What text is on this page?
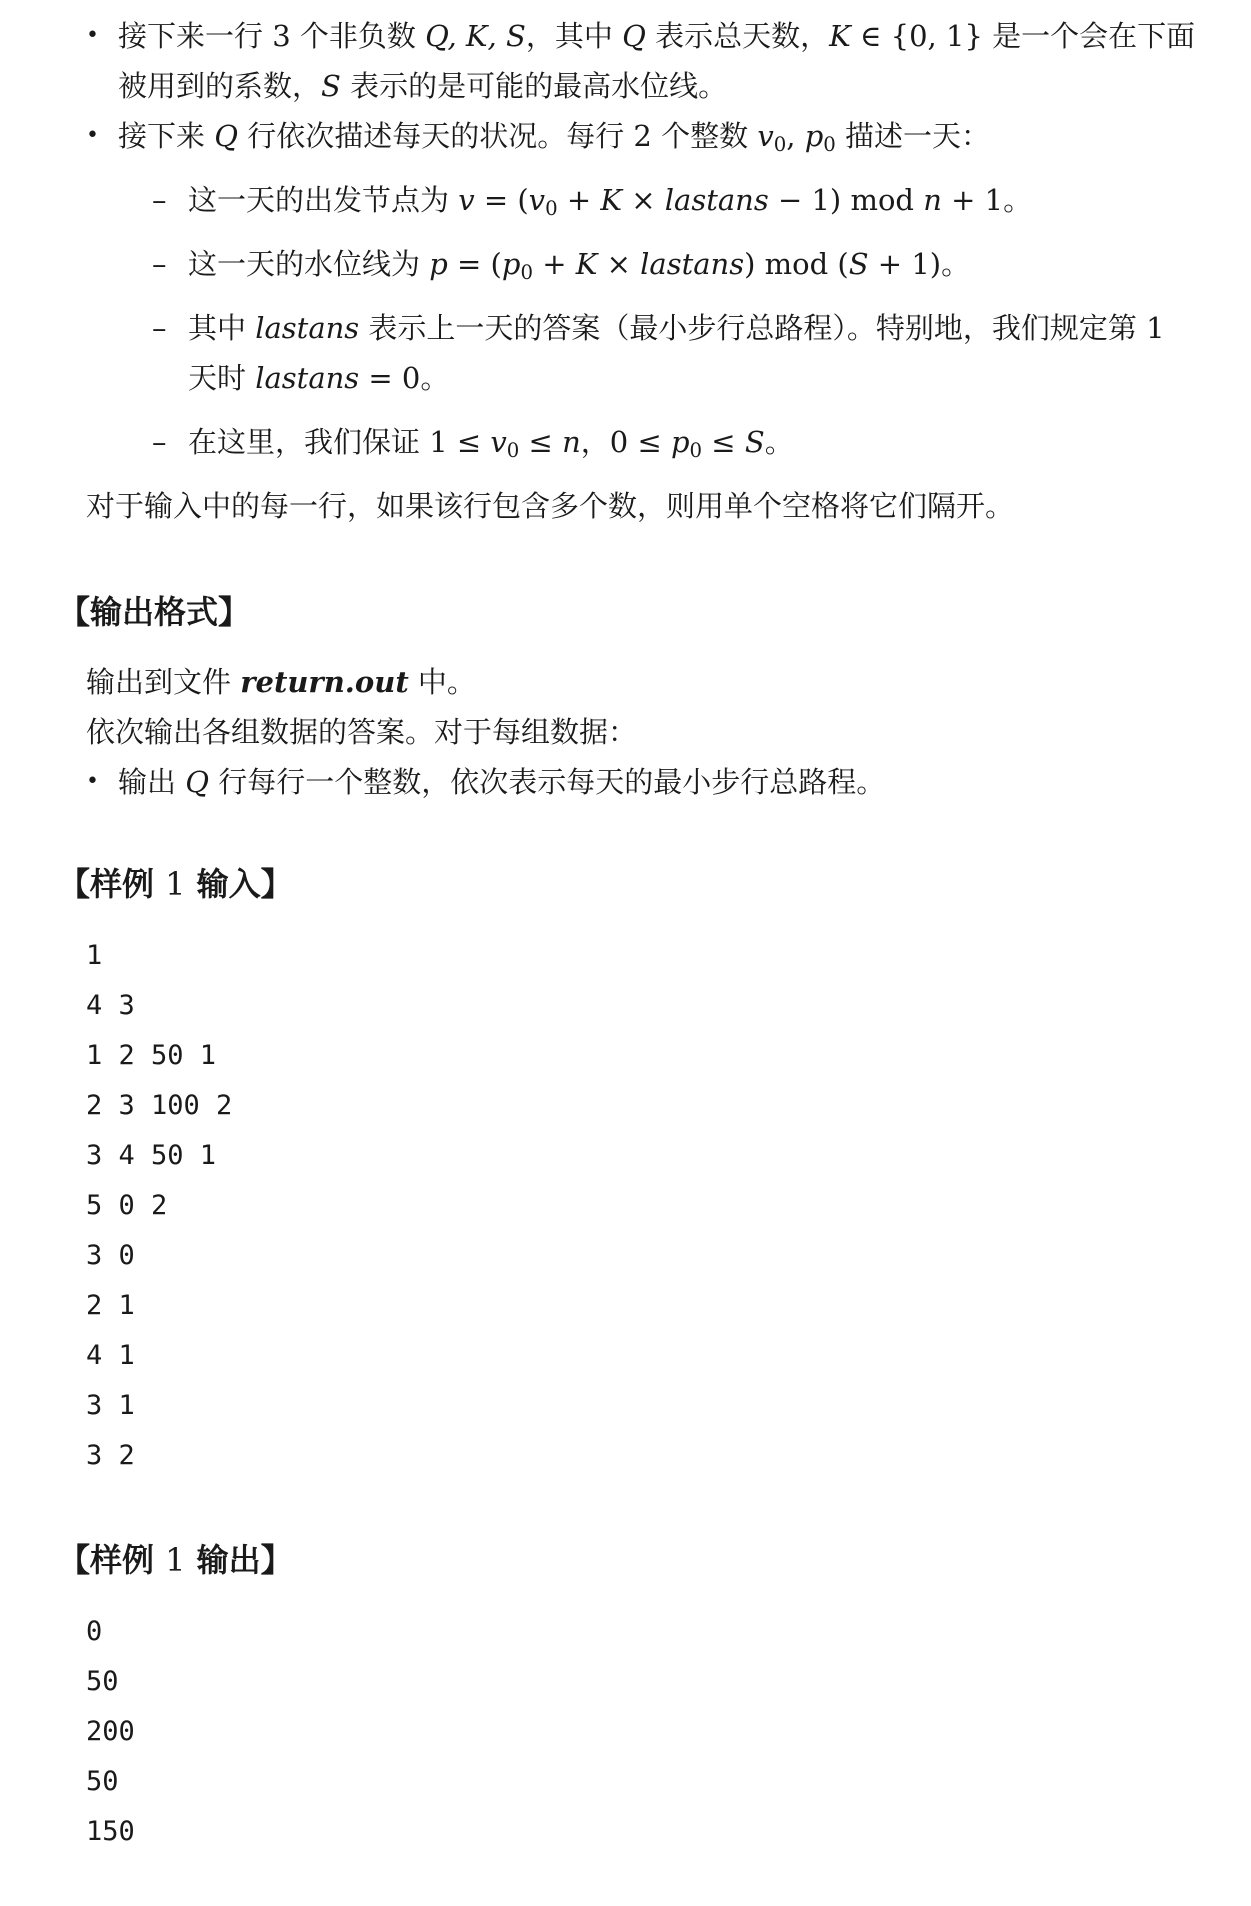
• 接下来一行 3 个非负数 Q, K, S，其中 Q 表示总天数，K ∈ {0, 1} 是一个会在下面
被用到的系数，S 表示的是可能的最高水位线。
• 接下来 Q 行依次描述每天的状况。每行 2 个整数 $v_0$, $p_0$ 描述一天：
– 这一天的出发节点为 $v = (v_0 + K \times lastans - 1)$ mod n + 1。
– 这一天的水位线为 $p = (p_0 + K \times lastans)$ mod (S + 1)。
– 其中 lastans 表示上一天的答案（最小步行总路程）。特别地，我们规定第 1
天时 lastans = 0。
– 在这里，我们保证 $1 \le v_0 \le n$，$0 \le p_0 \le S$。
对于输入中的每一行，如果该行包含多个数，则用单个空格将它们隔开。
【输出格式】
输出到文件 return.out 中。
依次输出各组数据的答案。对于每组数据：
• 输出 Q 行每行一个整数，依次表示每天的最小步行总路程。
【样例 1 输入】
1
4 3
1 2 50 1
2 3 100 2
3 4 50 1
5 0 2
3 0
2 1
4 1
3 1
3 2
【样例 1 输出】
0
50
200
50
150
